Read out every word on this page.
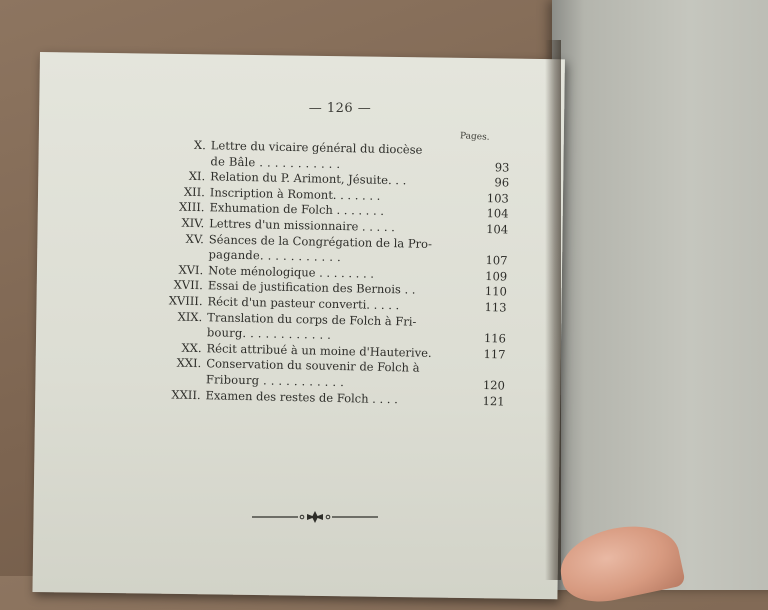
— 126 —
Pages.
X. Lettre du vicaire général du diocèse
de Bâle . . . . . . . . . . .	93
XI. Relation du P. Arimont, Jésuite. . .	96
XII. Inscription à Romont. . . . . . .	103
XIII. Exhumation de Folch . . . . . . .	104
XIV. Lettres d'un missionnaire . . . . .	104
XV. Séances de la Congrégation de la Pro-
pagande. . . . . . . . . . .	107
XVI. Note ménologique . . . . . . . .	109
XVII. Essai de justification des Bernois . .	110
XVIII. Récit d'un pasteur converti. . . . .	113
XIX. Translation du corps de Folch à Fri-
bourg. . . . . . . . . . . .	116
XX. Récit attribué à un moine d'Hauterive.	117
XXI. Conservation du souvenir de Folch à
Fribourg . . . . . . . . . . .	120
XXII. Examen des restes de Folch . . . .	121
